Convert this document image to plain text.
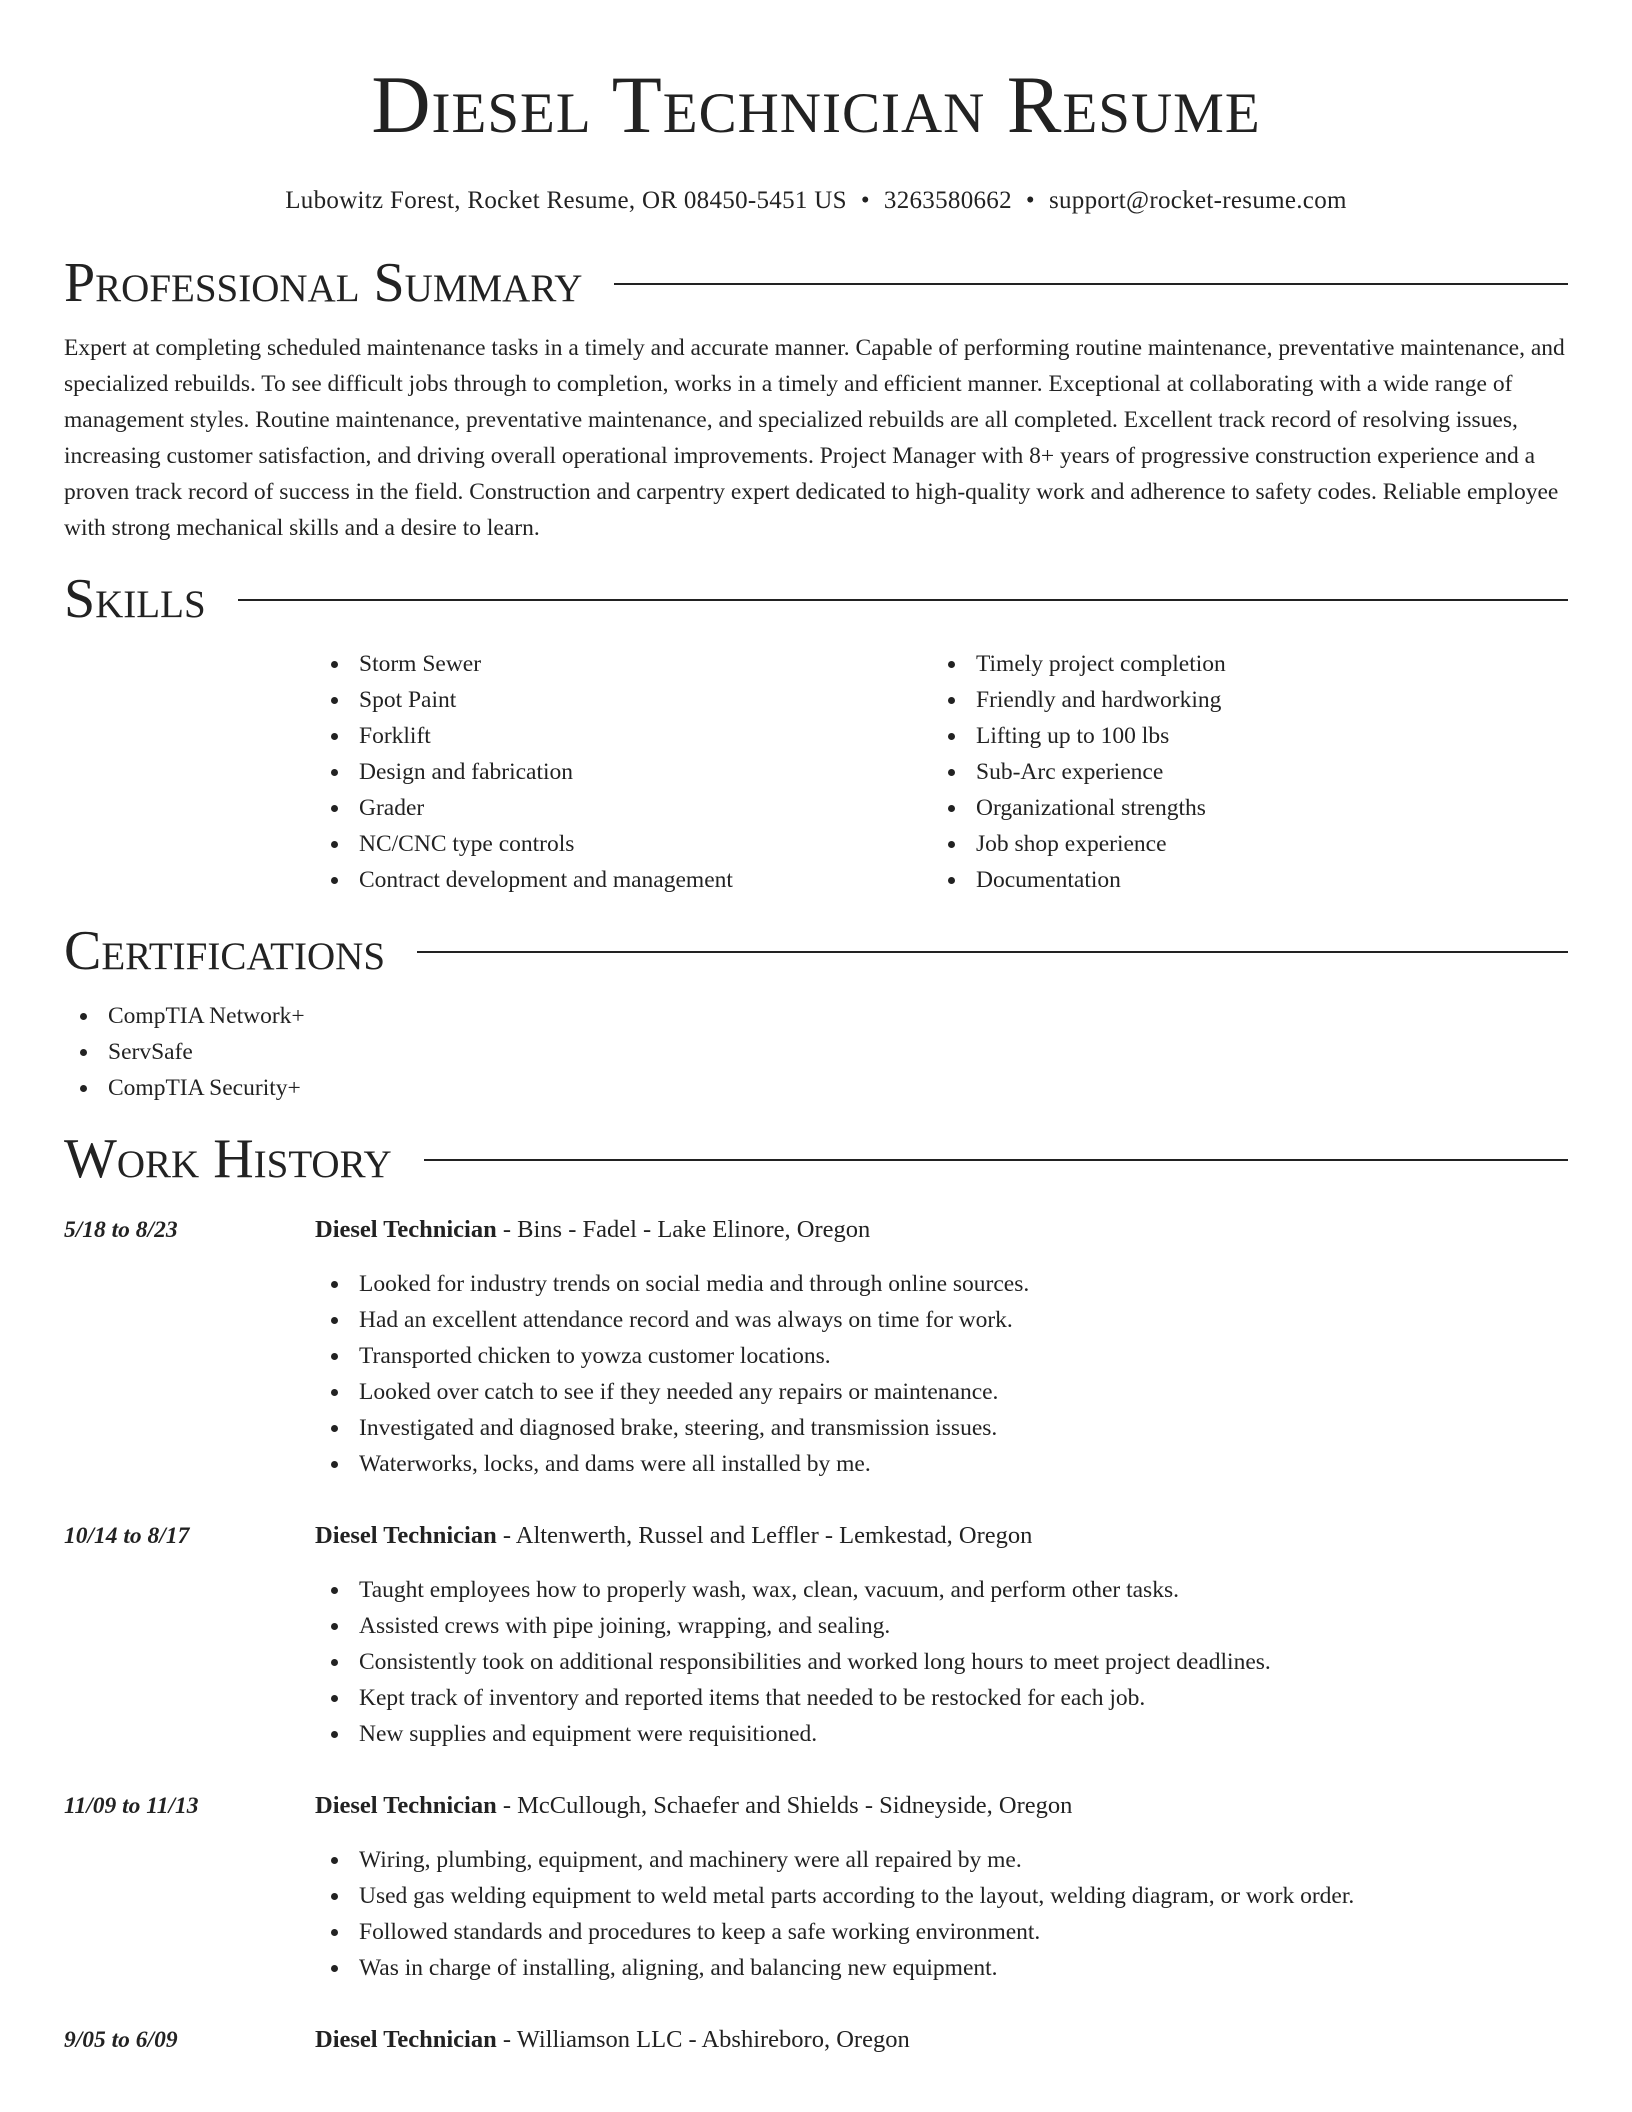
Diesel Technician Resume
Lubowitz Forest, Rocket Resume, OR 08450-5451 US • 3263580662 • support@rocket-resume.com
Professional Summary

Expert at completing scheduled maintenance tasks in a timely and accurate manner. Capable of performing routine maintenance, preventative maintenance, and specialized rebuilds. To see difficult jobs through to completion, works in a timely and efficient manner. Exceptional at collaborating with a wide range of management styles. Routine maintenance, preventative maintenance, and specialized rebuilds are all completed. Excellent track record of resolving issues, increasing customer satisfaction, and driving overall operational improvements. Project Manager with 8+ years of progressive construction experience and a proven track record of success in the field. Construction and carpentry expert dedicated to high-quality work and adherence to safety codes. Reliable employee with strong mechanical skills and a desire to learn.

Skills
Storm Sewer
Spot Paint
Forklift
Design and fabrication
Grader
NC/CNC type controls
Contract development and management
Timely project completion
Friendly and hardworking
Lifting up to 100 lbs
Sub-Arc experience
Organizational strengths
Job shop experience
Documentation
Certifications
CompTIA Network+
ServSafe
CompTIA Security+
Work History
5/18 to 8/23	Diesel Technician - Bins - Fadel - Lake Elinore, Oregon
Looked for industry trends on social media and through online sources.
Had an excellent attendance record and was always on time for work.
Transported chicken to yowza customer locations.
Looked over catch to see if they needed any repairs or maintenance.
Investigated and diagnosed brake, steering, and transmission issues.
Waterworks, locks, and dams were all installed by me.
10/14 to 8/17	Diesel Technician - Altenwerth, Russel and Leffler - Lemkestad, Oregon
Taught employees how to properly wash, wax, clean, vacuum, and perform other tasks.
Assisted crews with pipe joining, wrapping, and sealing.
Consistently took on additional responsibilities and worked long hours to meet project deadlines.
Kept track of inventory and reported items that needed to be restocked for each job.
New supplies and equipment were requisitioned.
11/09 to 11/13	Diesel Technician - McCullough, Schaefer and Shields - Sidneyside, Oregon
Wiring, plumbing, equipment, and machinery were all repaired by me.
Used gas welding equipment to weld metal parts according to the layout, welding diagram, or work order.
Followed standards and procedures to keep a safe working environment.
Was in charge of installing, aligning, and balancing new equipment.
9/05 to 6/09	Diesel Technician - Williamson LLC - Abshireboro, Oregon
